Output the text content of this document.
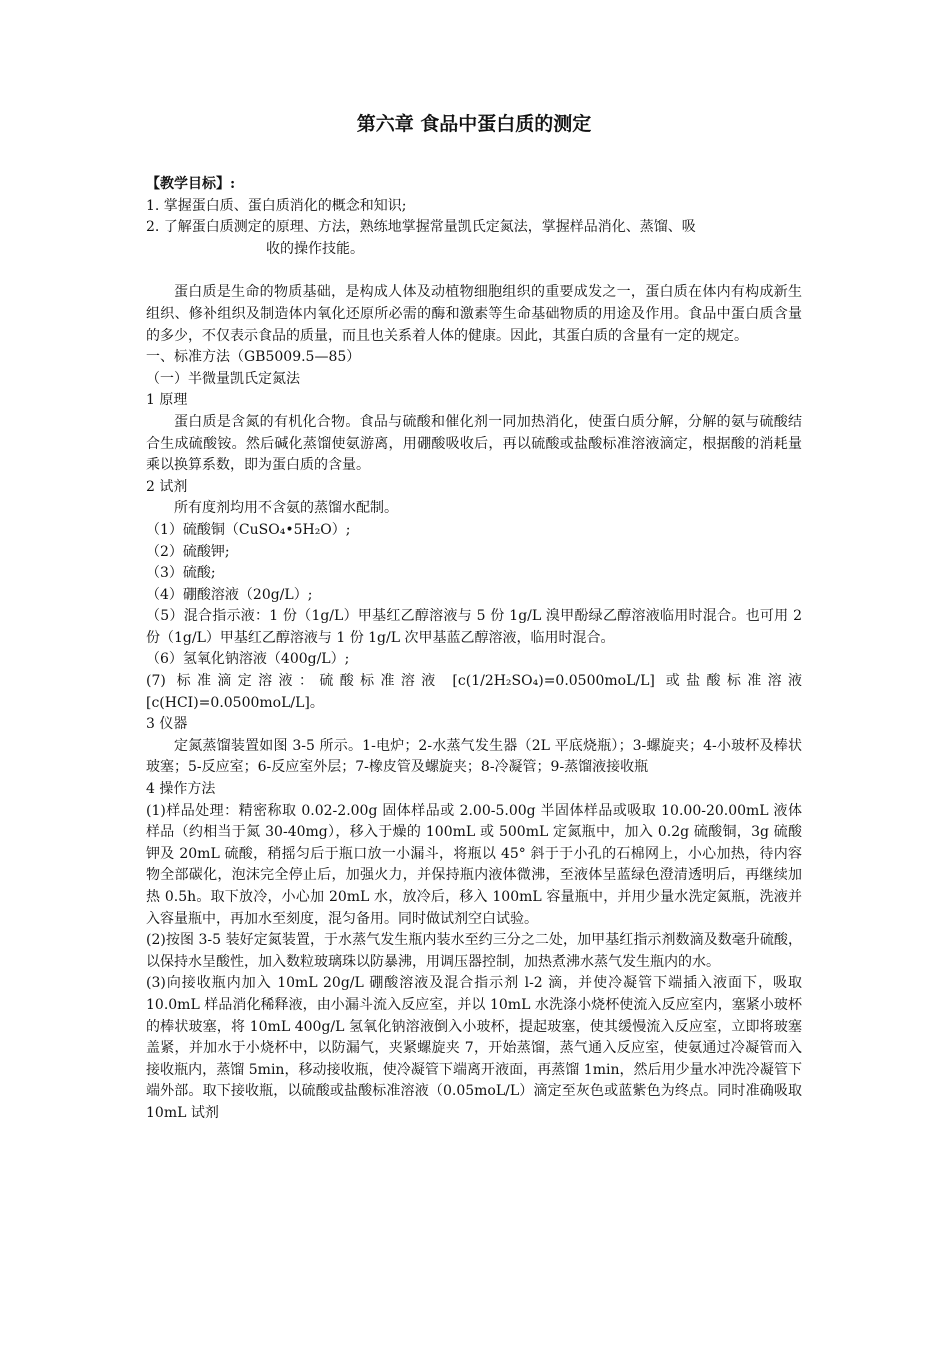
第六章 食品中蛋白质的测定

【教学目标】:

1. 掌握蛋白质、蛋白质消化的概念和知识;
2. 了解蛋白质测定的原理、方法，熟练地掌握常量凯氏定氮法，掌握样品消化、蒸馏、吸
收的操作技能。

蛋白质是生命的物质基础，是构成人体及动植物细胞组织的重要成发之一，蛋白质在体内有构成新生组织、修补组织及制造体内氧化还原所必需的酶和激素等生命基础物质的用途及作用。食品中蛋白质含量的多少，不仅表示食品的质量，而且也关系着人体的健康。因此，其蛋白质的含量有一定的规定。

一、标准方法（GB5009.5—85）

（一）半微量凯氏定氮法

1 原理

蛋白质是含氮的有机化合物。食品与硫酸和催化剂一同加热消化，使蛋白质分解，分解的氨与硫酸结合生成硫酸铵。然后碱化蒸馏使氨游离，用硼酸吸收后，再以硫酸或盐酸标准溶液滴定，根据酸的消耗量乘以换算系数，即为蛋白质的含量。

2 试剂

所有度剂均用不含氨的蒸馏水配制。

（1）硫酸铜（CuSO₄•5H₂O）;

（2）硫酸钾;

（3）硫酸;

（4）硼酸溶液（20g/L）;

（5）混合指示液：1 份（1g/L）甲基红乙醇溶液与 5 份 1g/L 溴甲酚绿乙醇溶液临用时混合。也可用 2 份（1g/L）甲基红乙醇溶液与 1 份 1g/L 次甲基蓝乙醇溶液，临用时混合。

（6）氢氧化钠溶液（400g/L）;

(7) 标准滴定溶液：硫酸标准溶液 [c(1/2H₂SO₄)=0.0500moL/L] 或盐酸标准溶液 [c(HCI)=0.0500moL/L]。

3 仪器

定氮蒸馏装置如图 3-5 所示。1-电炉；2-水蒸气发生器（2L 平底烧瓶）；3-螺旋夹；4-小玻杯及棒状玻塞；5-反应室；6-反应室外层；7-橡皮管及螺旋夹；8-冷凝管；9-蒸馏液接收瓶

4 操作方法

(1)样品处理：精密称取 0.02-2.00g 固体样品或 2.00-5.00g 半固体样品或吸取 10.00-20.00mL 液体样品（约相当于氮 30-40mg），移入于燥的 100mL 或 500mL 定氮瓶中，加入 0.2g 硫酸铜，3g 硫酸钾及 20mL 硫酸，稍摇匀后于瓶口放一小漏斗，将瓶以 45° 斜于于小孔的石棉网上，小心加热，待内容物全部碳化，泡沫完全停止后，加强火力，并保持瓶内液体微沸，至液体呈蓝绿色澄清透明后，再继续加热 0.5h。取下放冷，小心加 20mL 水，放冷后，移入 100mL 容量瓶中，并用少量水洗定氮瓶，洗液并入容量瓶中，再加水至刻度，混匀备用。同时做试剂空白试验。

(2)按图 3-5 装好定氮装置，于水蒸气发生瓶内装水至约三分之二处，加甲基红指示剂数滴及数毫升硫酸，以保持水呈酸性，加入数粒玻璃珠以防暴沸，用调压器控制，加热煮沸水蒸气发生瓶内的水。

(3)向接收瓶内加入 10mL 20g/L 硼酸溶液及混合指示剂 l-2 滴，并使冷凝管下端插入液面下，吸取 10.0mL 样品消化稀释液，由小漏斗流入反应室，并以 10mL 水洗涤小烧杯使流入反应室内，塞紧小玻杯的棒状玻塞，将 10mL 400g/L 氢氧化钠溶液倒入小玻杯，提起玻塞，使其缓慢流入反应室，立即将玻塞盖紧，并加水于小烧杯中，以防漏气，夹紧螺旋夹 7，开始蒸馏，蒸气通入反应室，使氨通过冷凝管而入接收瓶内，蒸馏 5min，移动接收瓶，使冷凝管下端离开液面，再蒸馏 1min，然后用少量水冲洗冷凝管下端外部。取下接收瓶，以硫酸或盐酸标准溶液（0.05moL/L）滴定至灰色或蓝紫色为终点。同时准确吸取 10mL 试剂
